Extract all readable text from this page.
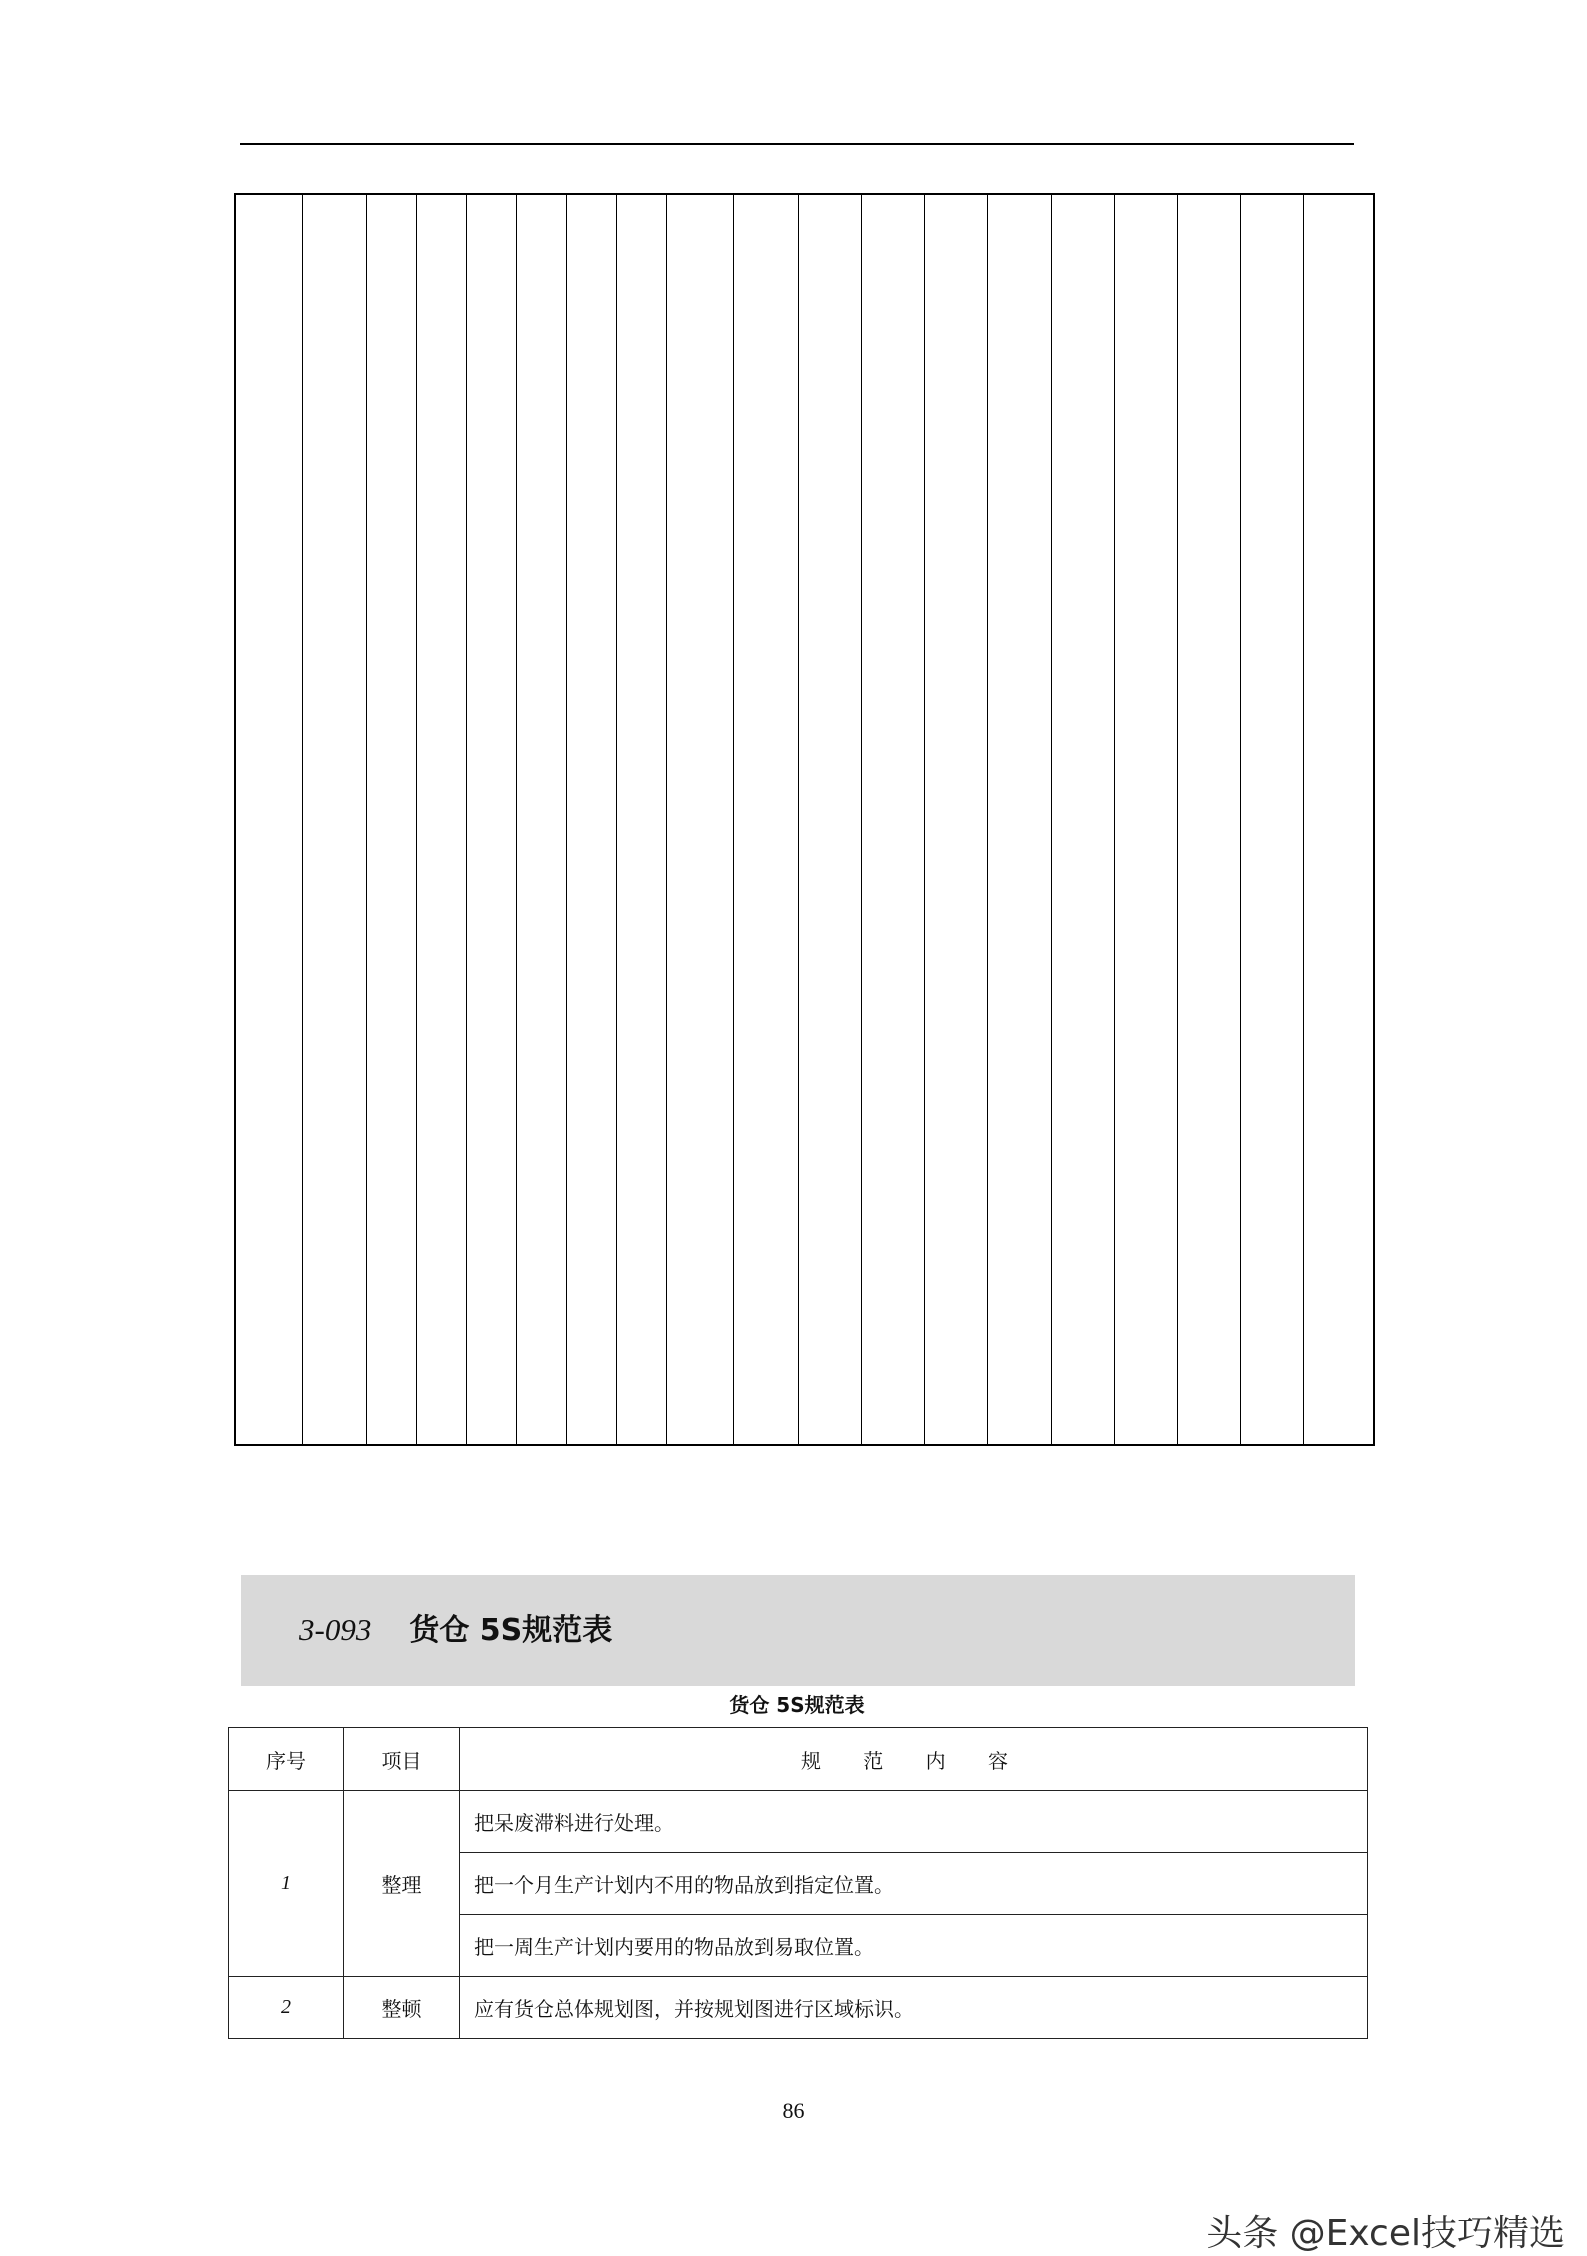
3-093 货仓 5S规范表
货仓 5S规范表
序号	项目	规 范 内 容
1	整理	把呆废滞料进行处理。
		把一个月生产计划内不用的物品放到指定位置。
		把一周生产计划内要用的物品放到易取位置。
2	整顿	应有货仓总体规划图，并按规划图进行区域标识。
86
头条 @Excel技巧精选
